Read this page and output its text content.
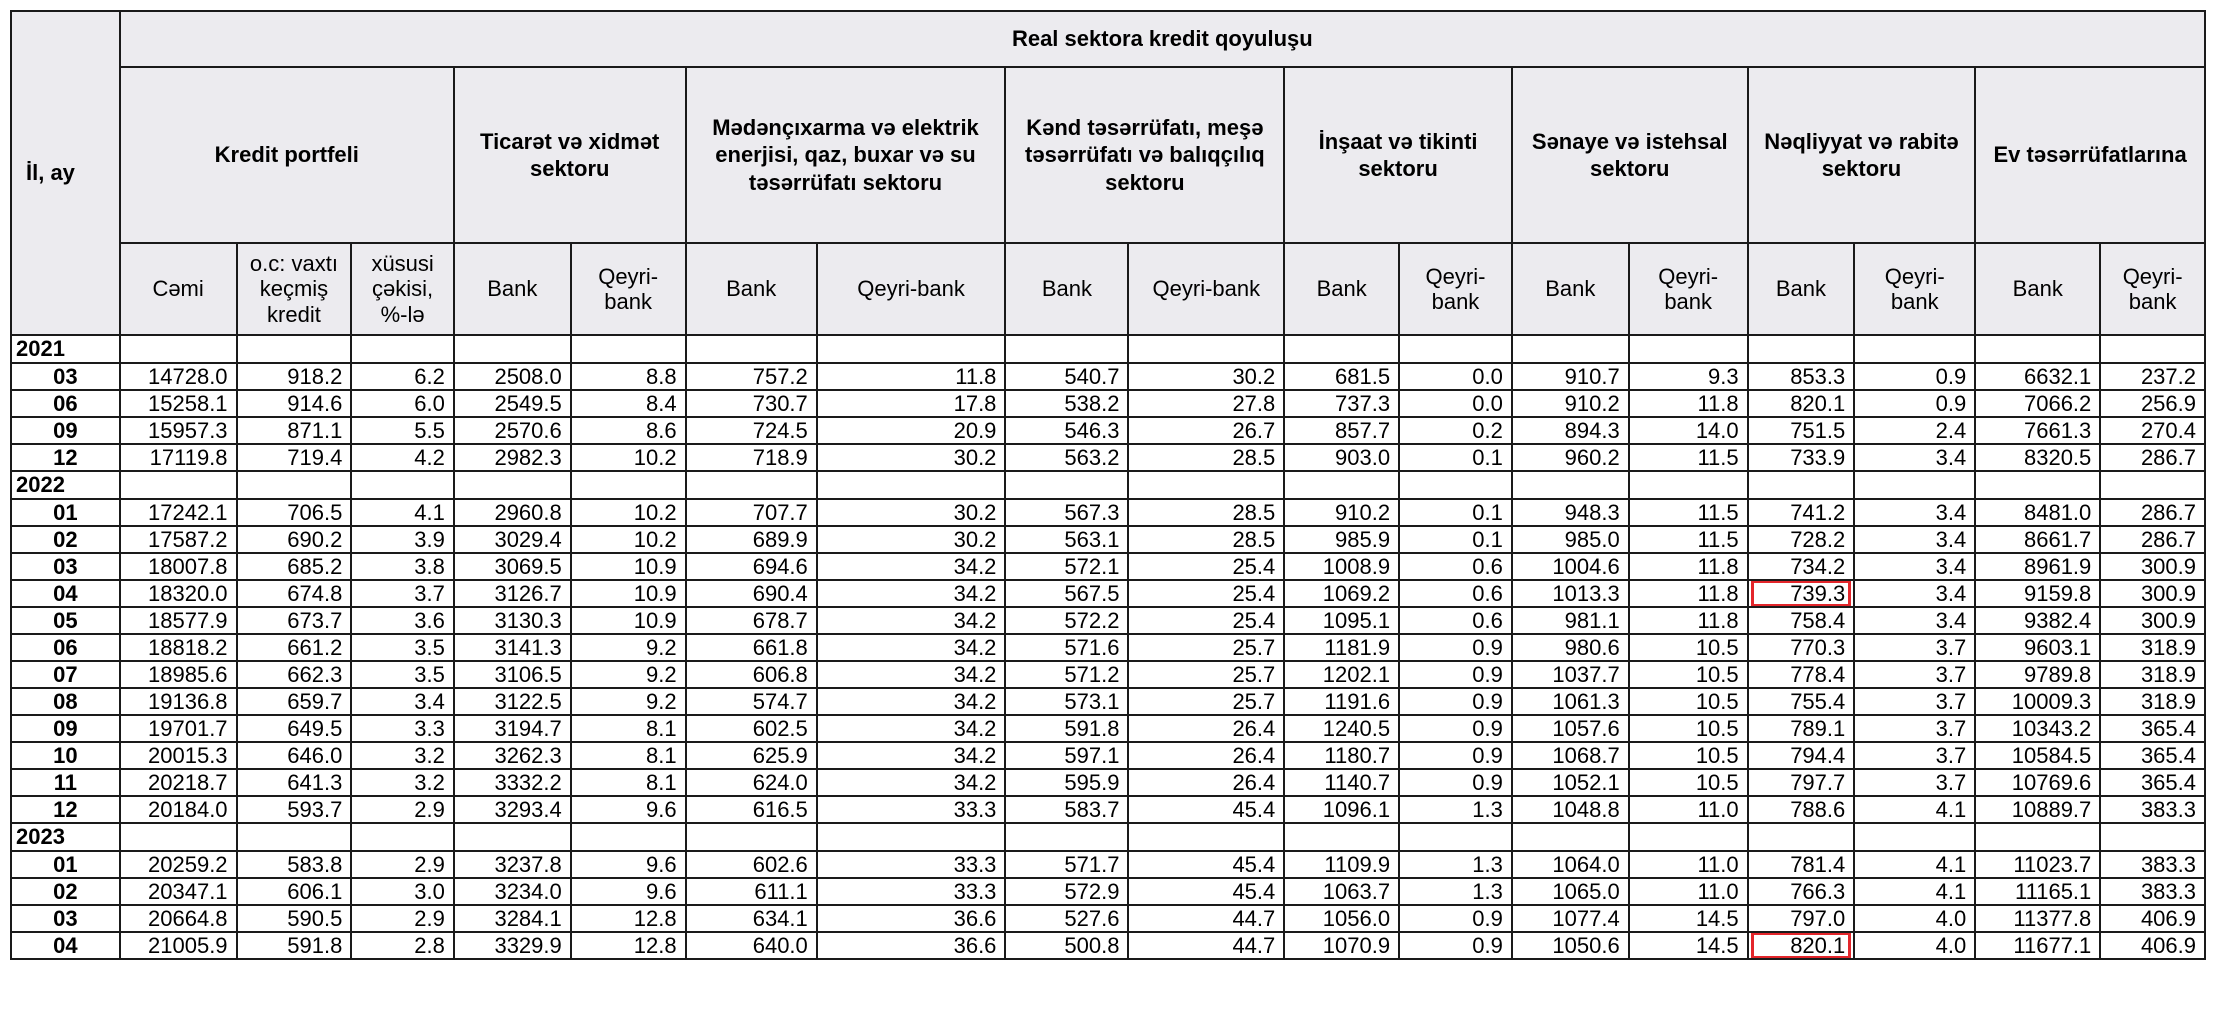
İl, ay	Real sektora kredit qoyuluşu																
	Kredit portfeli			Ticarət və xidmət sektoru		Mədənçıxarma və elektrik enerjisi, qaz, buxar və su təsərrüfatı sektoru		Kənd təsərrüfatı, meşə təsərrüfatı və balıqçılıq sektoru		İnşaat və tikinti sektoru		Sənaye və istehsal sektoru		Nəqliyyat və rabitə sektoru		Ev təsərrüfatlarına	
	Cəmi	o.c: vaxtı keçmiş kredit	xüsusi çəkisi, %-lə	Bank	Qeyri-bank	Bank	Qeyri-bank	Bank	Qeyri-bank	Bank	Qeyri-bank	Bank	Qeyri-bank	Bank	Qeyri-bank	Bank	Qeyri-bank
2021																	
03	14728.0	918.2	6.2	2508.0	8.8	757.2	11.8	540.7	30.2	681.5	0.0	910.7	9.3	853.3	0.9	6632.1	237.2
06	15258.1	914.6	6.0	2549.5	8.4	730.7	17.8	538.2	27.8	737.3	0.0	910.2	11.8	820.1	0.9	7066.2	256.9
09	15957.3	871.1	5.5	2570.6	8.6	724.5	20.9	546.3	26.7	857.7	0.2	894.3	14.0	751.5	2.4	7661.3	270.4
12	17119.8	719.4	4.2	2982.3	10.2	718.9	30.2	563.2	28.5	903.0	0.1	960.2	11.5	733.9	3.4	8320.5	286.7
2022																	
01	17242.1	706.5	4.1	2960.8	10.2	707.7	30.2	567.3	28.5	910.2	0.1	948.3	11.5	741.2	3.4	8481.0	286.7
02	17587.2	690.2	3.9	3029.4	10.2	689.9	30.2	563.1	28.5	985.9	0.1	985.0	11.5	728.2	3.4	8661.7	286.7
03	18007.8	685.2	3.8	3069.5	10.9	694.6	34.2	572.1	25.4	1008.9	0.6	1004.6	11.8	734.2	3.4	8961.9	300.9
04	18320.0	674.8	3.7	3126.7	10.9	690.4	34.2	567.5	25.4	1069.2	0.6	1013.3	11.8	739.3	3.4	9159.8	300.9
05	18577.9	673.7	3.6	3130.3	10.9	678.7	34.2	572.2	25.4	1095.1	0.6	981.1	11.8	758.4	3.4	9382.4	300.9
06	18818.2	661.2	3.5	3141.3	9.2	661.8	34.2	571.6	25.7	1181.9	0.9	980.6	10.5	770.3	3.7	9603.1	318.9
07	18985.6	662.3	3.5	3106.5	9.2	606.8	34.2	571.2	25.7	1202.1	0.9	1037.7	10.5	778.4	3.7	9789.8	318.9
08	19136.8	659.7	3.4	3122.5	9.2	574.7	34.2	573.1	25.7	1191.6	0.9	1061.3	10.5	755.4	3.7	10009.3	318.9
09	19701.7	649.5	3.3	3194.7	8.1	602.5	34.2	591.8	26.4	1240.5	0.9	1057.6	10.5	789.1	3.7	10343.2	365.4
10	20015.3	646.0	3.2	3262.3	8.1	625.9	34.2	597.1	26.4	1180.7	0.9	1068.7	10.5	794.4	3.7	10584.5	365.4
11	20218.7	641.3	3.2	3332.2	8.1	624.0	34.2	595.9	26.4	1140.7	0.9	1052.1	10.5	797.7	3.7	10769.6	365.4
12	20184.0	593.7	2.9	3293.4	9.6	616.5	33.3	583.7	45.4	1096.1	1.3	1048.8	11.0	788.6	4.1	10889.7	383.3
2023																	
01	20259.2	583.8	2.9	3237.8	9.6	602.6	33.3	571.7	45.4	1109.9	1.3	1064.0	11.0	781.4	4.1	11023.7	383.3
02	20347.1	606.1	3.0	3234.0	9.6	611.1	33.3	572.9	45.4	1063.7	1.3	1065.0	11.0	766.3	4.1	11165.1	383.3
03	20664.8	590.5	2.9	3284.1	12.8	634.1	36.6	527.6	44.7	1056.0	0.9	1077.4	14.5	797.0	4.0	11377.8	406.9
04	21005.9	591.8	2.8	3329.9	12.8	640.0	36.6	500.8	44.7	1070.9	0.9	1050.6	14.5	820.1	4.0	11677.1	406.9
